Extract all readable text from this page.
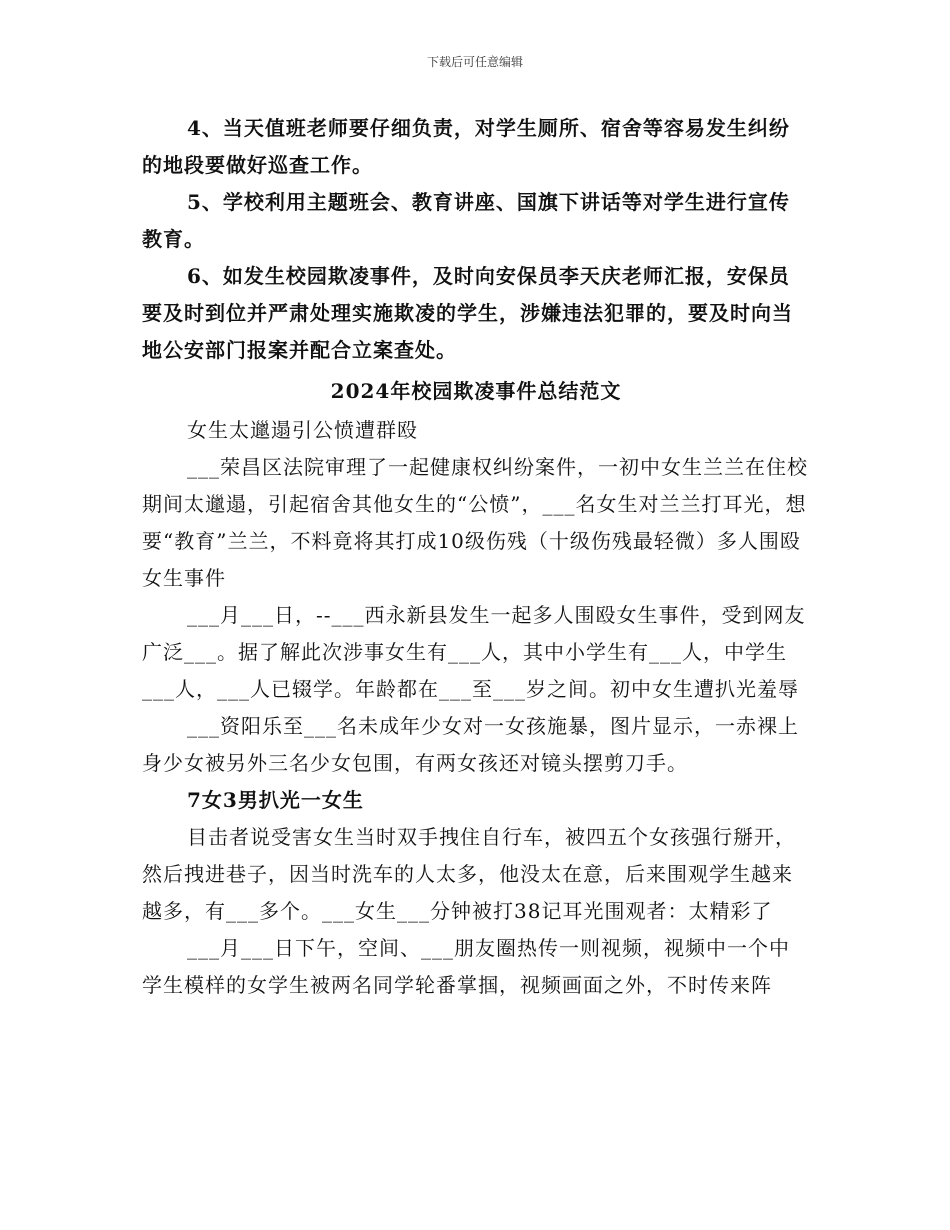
下载后可任意编辑

4、当天值班老师要仔细负责，对学生厕所、宿舍等容易发生纠纷的地段要做好巡查工作。

5、学校利用主题班会、教育讲座、国旗下讲话等对学生进行宣传教育。

6、如发生校园欺凌事件，及时向安保员李天庆老师汇报，安保员要及时到位并严肃处理实施欺凌的学生，涉嫌违法犯罪的，要及时向当地公安部门报案并配合立案查处。

2024年校园欺凌事件总结范文

女生太邋遢引公愤遭群殴

___荣昌区法院审理了一起健康权纠纷案件，一初中女生兰兰在住校期间太邋遢，引起宿舍其他女生的“公愤”，___名女生对兰兰打耳光，想要“教育”兰兰，不料竟将其打成10级伤残（十级伤残最轻微）多人围殴女生事件

___月___日，--___西永新县发生一起多人围殴女生事件，受到网友广泛___。据了解此次涉事女生有___人，其中小学生有___人，中学生___人，___人已辍学。年龄都在___至___岁之间。初中女生遭扒光羞辱

___资阳乐至___名未成年少女对一女孩施暴，图片显示，一赤裸上身少女被另外三名少女包围，有两女孩还对镜头摆剪刀手。

7女3男扒光一女生

目击者说受害女生当时双手拽住自行车，被四五个女孩强行掰开，然后拽进巷子，因当时洗车的人太多，他没太在意，后来围观学生越来越多，有___多个。___女生___分钟被打38记耳光围观者：太精彩了

___月___日下午，空间、___朋友圈热传一则视频，视频中一个中学生模样的女学生被两名同学轮番掌掴，视频画面之外，不时传来阵
